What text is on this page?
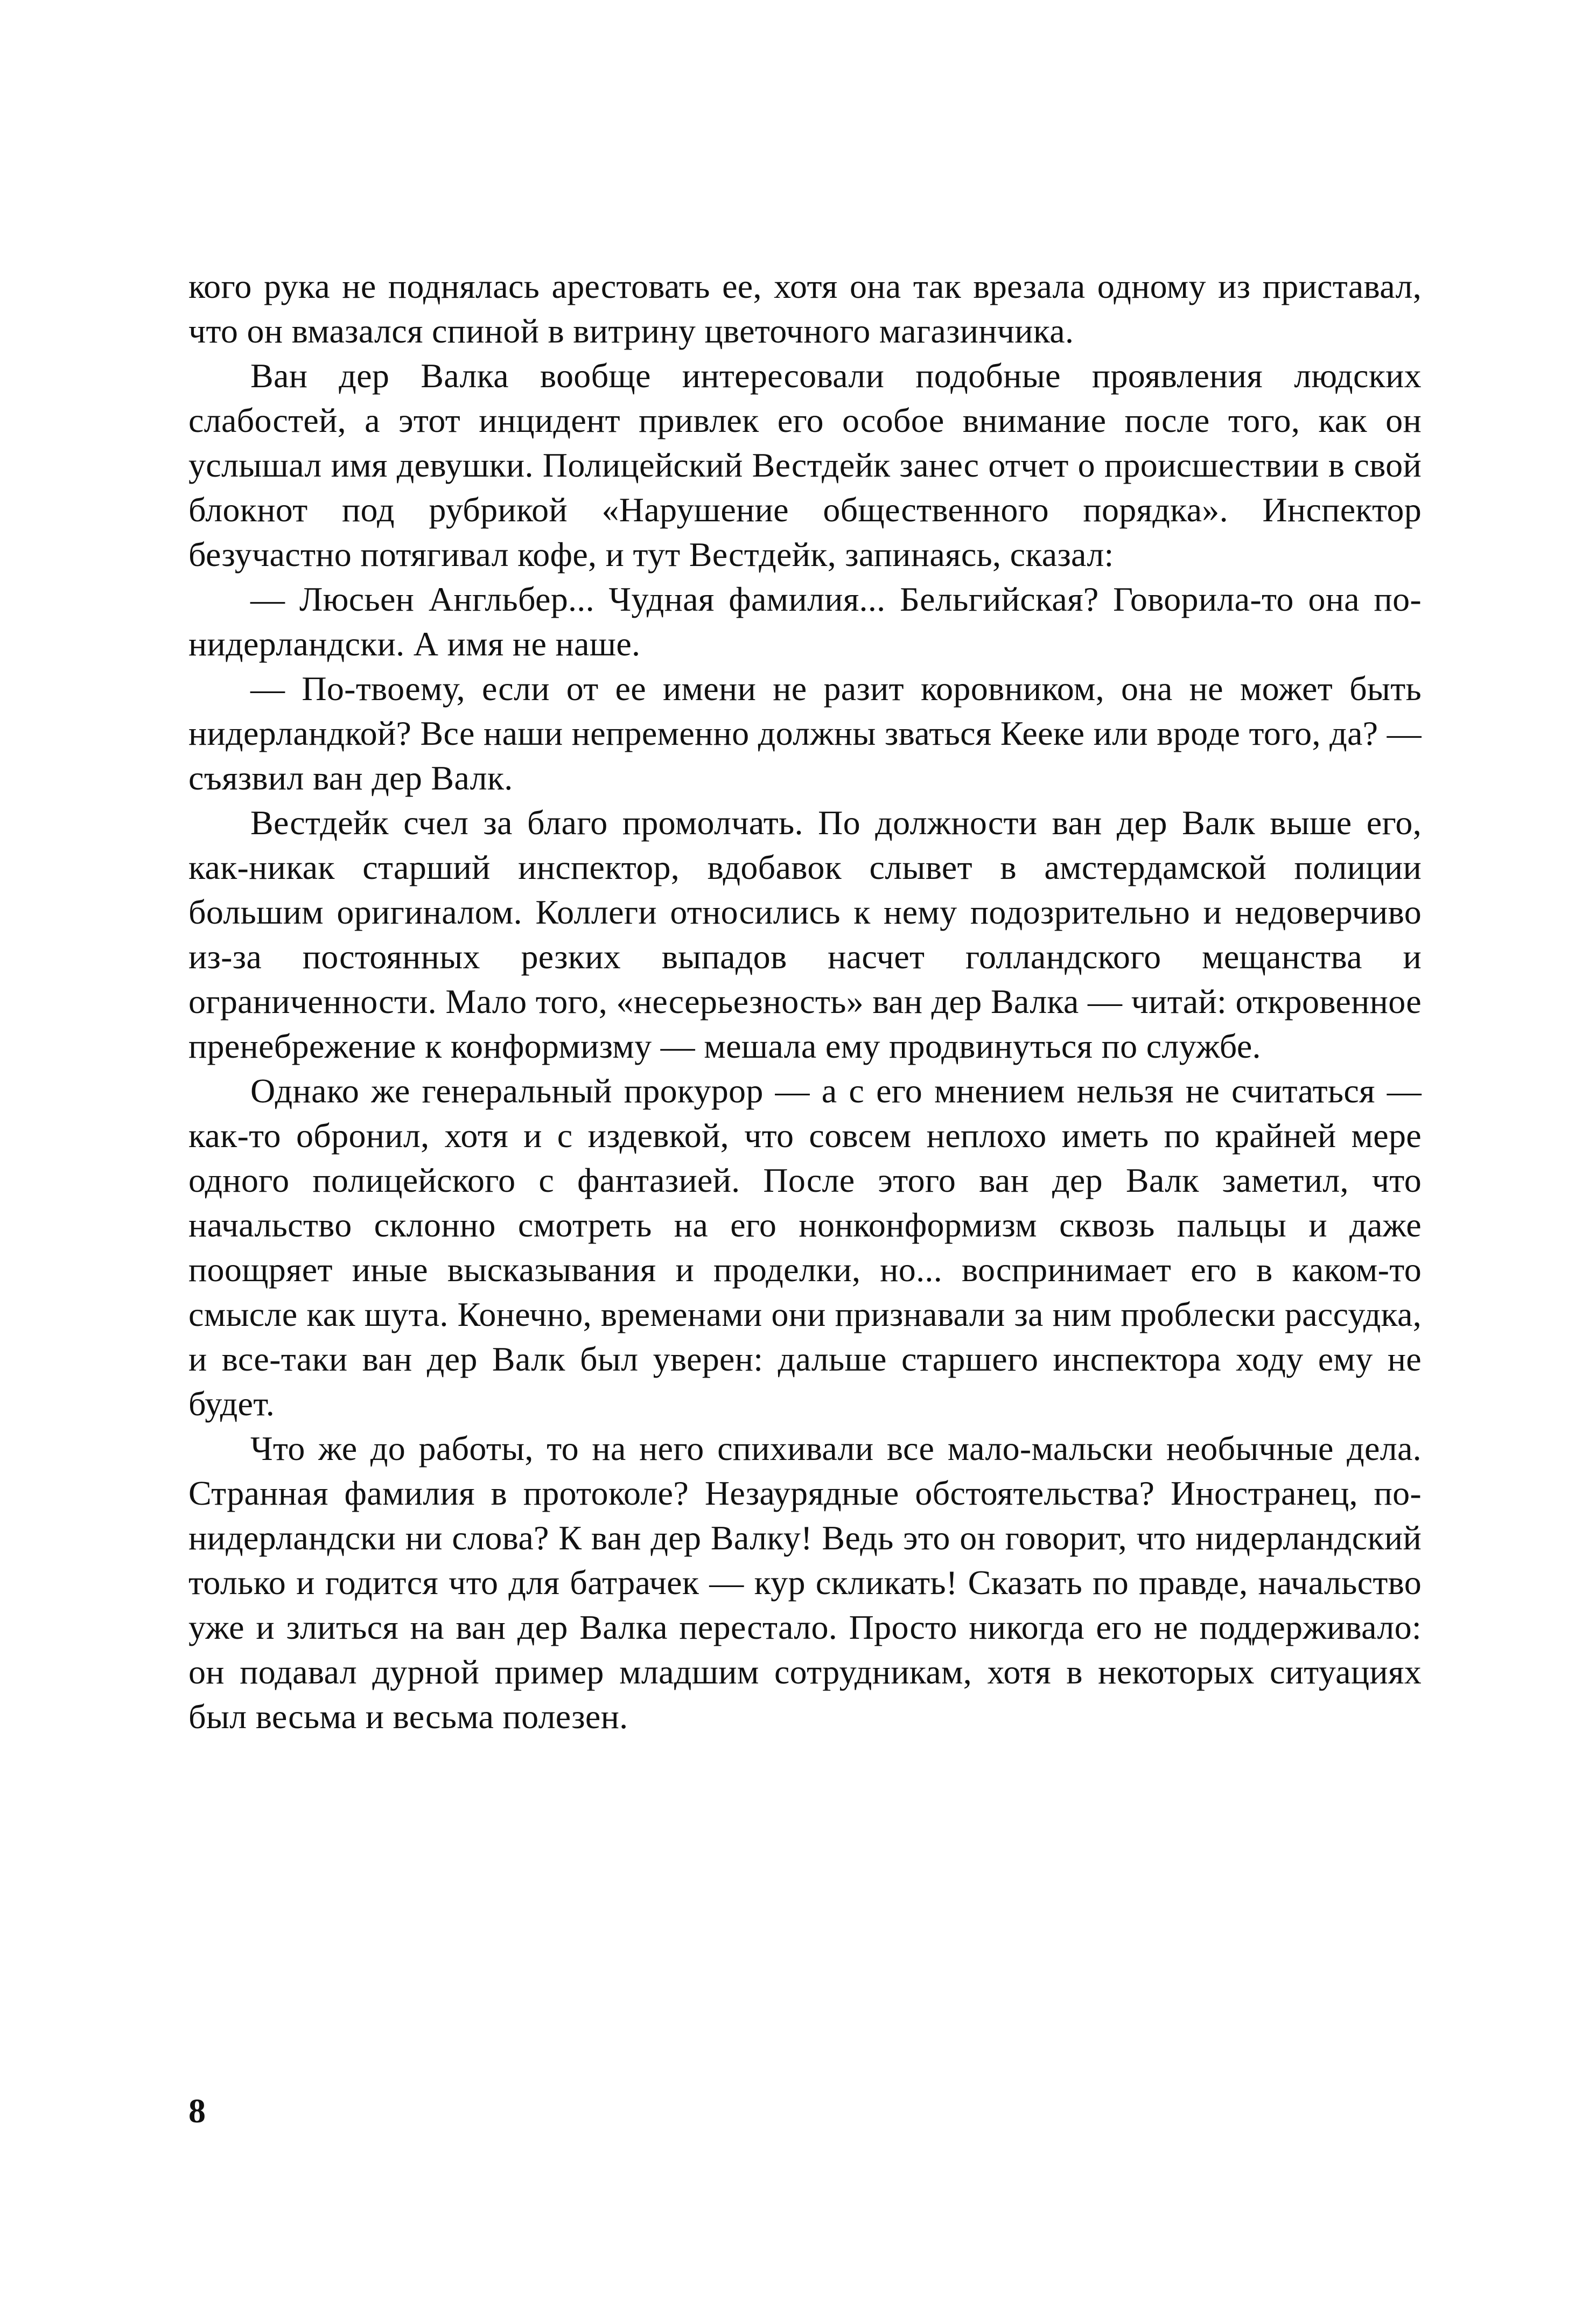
кого рука не поднялась арестовать ее, хотя она так врезала одному из приставал, что он вмазался спиной в витрину цветочного магазинчика.

Ван дер Валка вообще интересовали подобные проявления людских слабостей, а этот инцидент привлек его особое внимание после того, как он услышал имя девушки. Полицейский Вестдейк занес отчет о происшествии в свой блокнот под рубрикой «Нарушение общественного порядка». Инспектор безучастно потягивал кофе, и тут Вестдейк, запинаясь, сказал:

— Люсьен Англьбер... Чудная фамилия... Бельгийская? Говорила-то она по-нидерландски. А имя не наше.

— По-твоему, если от ее имени не разит коровником, она не может быть нидерландкой? Все наши непременно должны зваться Кееке или вроде того, да? — съязвил ван дер Валк.

Вестдейк счел за благо промолчать. По должности ван дер Валк выше его, как-никак старший инспектор, вдобавок слывет в амстердамской полиции большим оригиналом. Коллеги относились к нему подозрительно и недоверчиво из-за постоянных резких выпадов насчет голландского мещанства и ограниченности. Мало того, «несерьезность» ван дер Валка — читай: откровенное пренебрежение к конформизму — мешала ему продвинуться по службе.

Однако же генеральный прокурор — а с его мнением нельзя не считаться — как-то обронил, хотя и с издевкой, что совсем неплохо иметь по крайней мере одного полицейского с фантазией. После этого ван дер Валк заметил, что начальство склонно смотреть на его нонконформизм сквозь пальцы и даже поощряет иные высказывания и проделки, но... воспринимает его в каком-то смысле как шута. Конечно, временами они признавали за ним проблески рассудка, и все-таки ван дер Валк был уверен: дальше старшего инспектора ходу ему не будет.

Что же до работы, то на него спихивали все мало-мальски необычные дела. Странная фамилия в протоколе? Незаурядные обстоятельства? Иностранец, по-нидерландски ни слова? К ван дер Валку! Ведь это он говорит, что нидерландский только и годится что для батрачек — кур скликать! Сказать по правде, начальство уже и злиться на ван дер Валка перестало. Просто никогда его не поддерживало: он подавал дурной пример младшим сотрудникам, хотя в некоторых ситуациях был весьма и весьма полезен.

8
